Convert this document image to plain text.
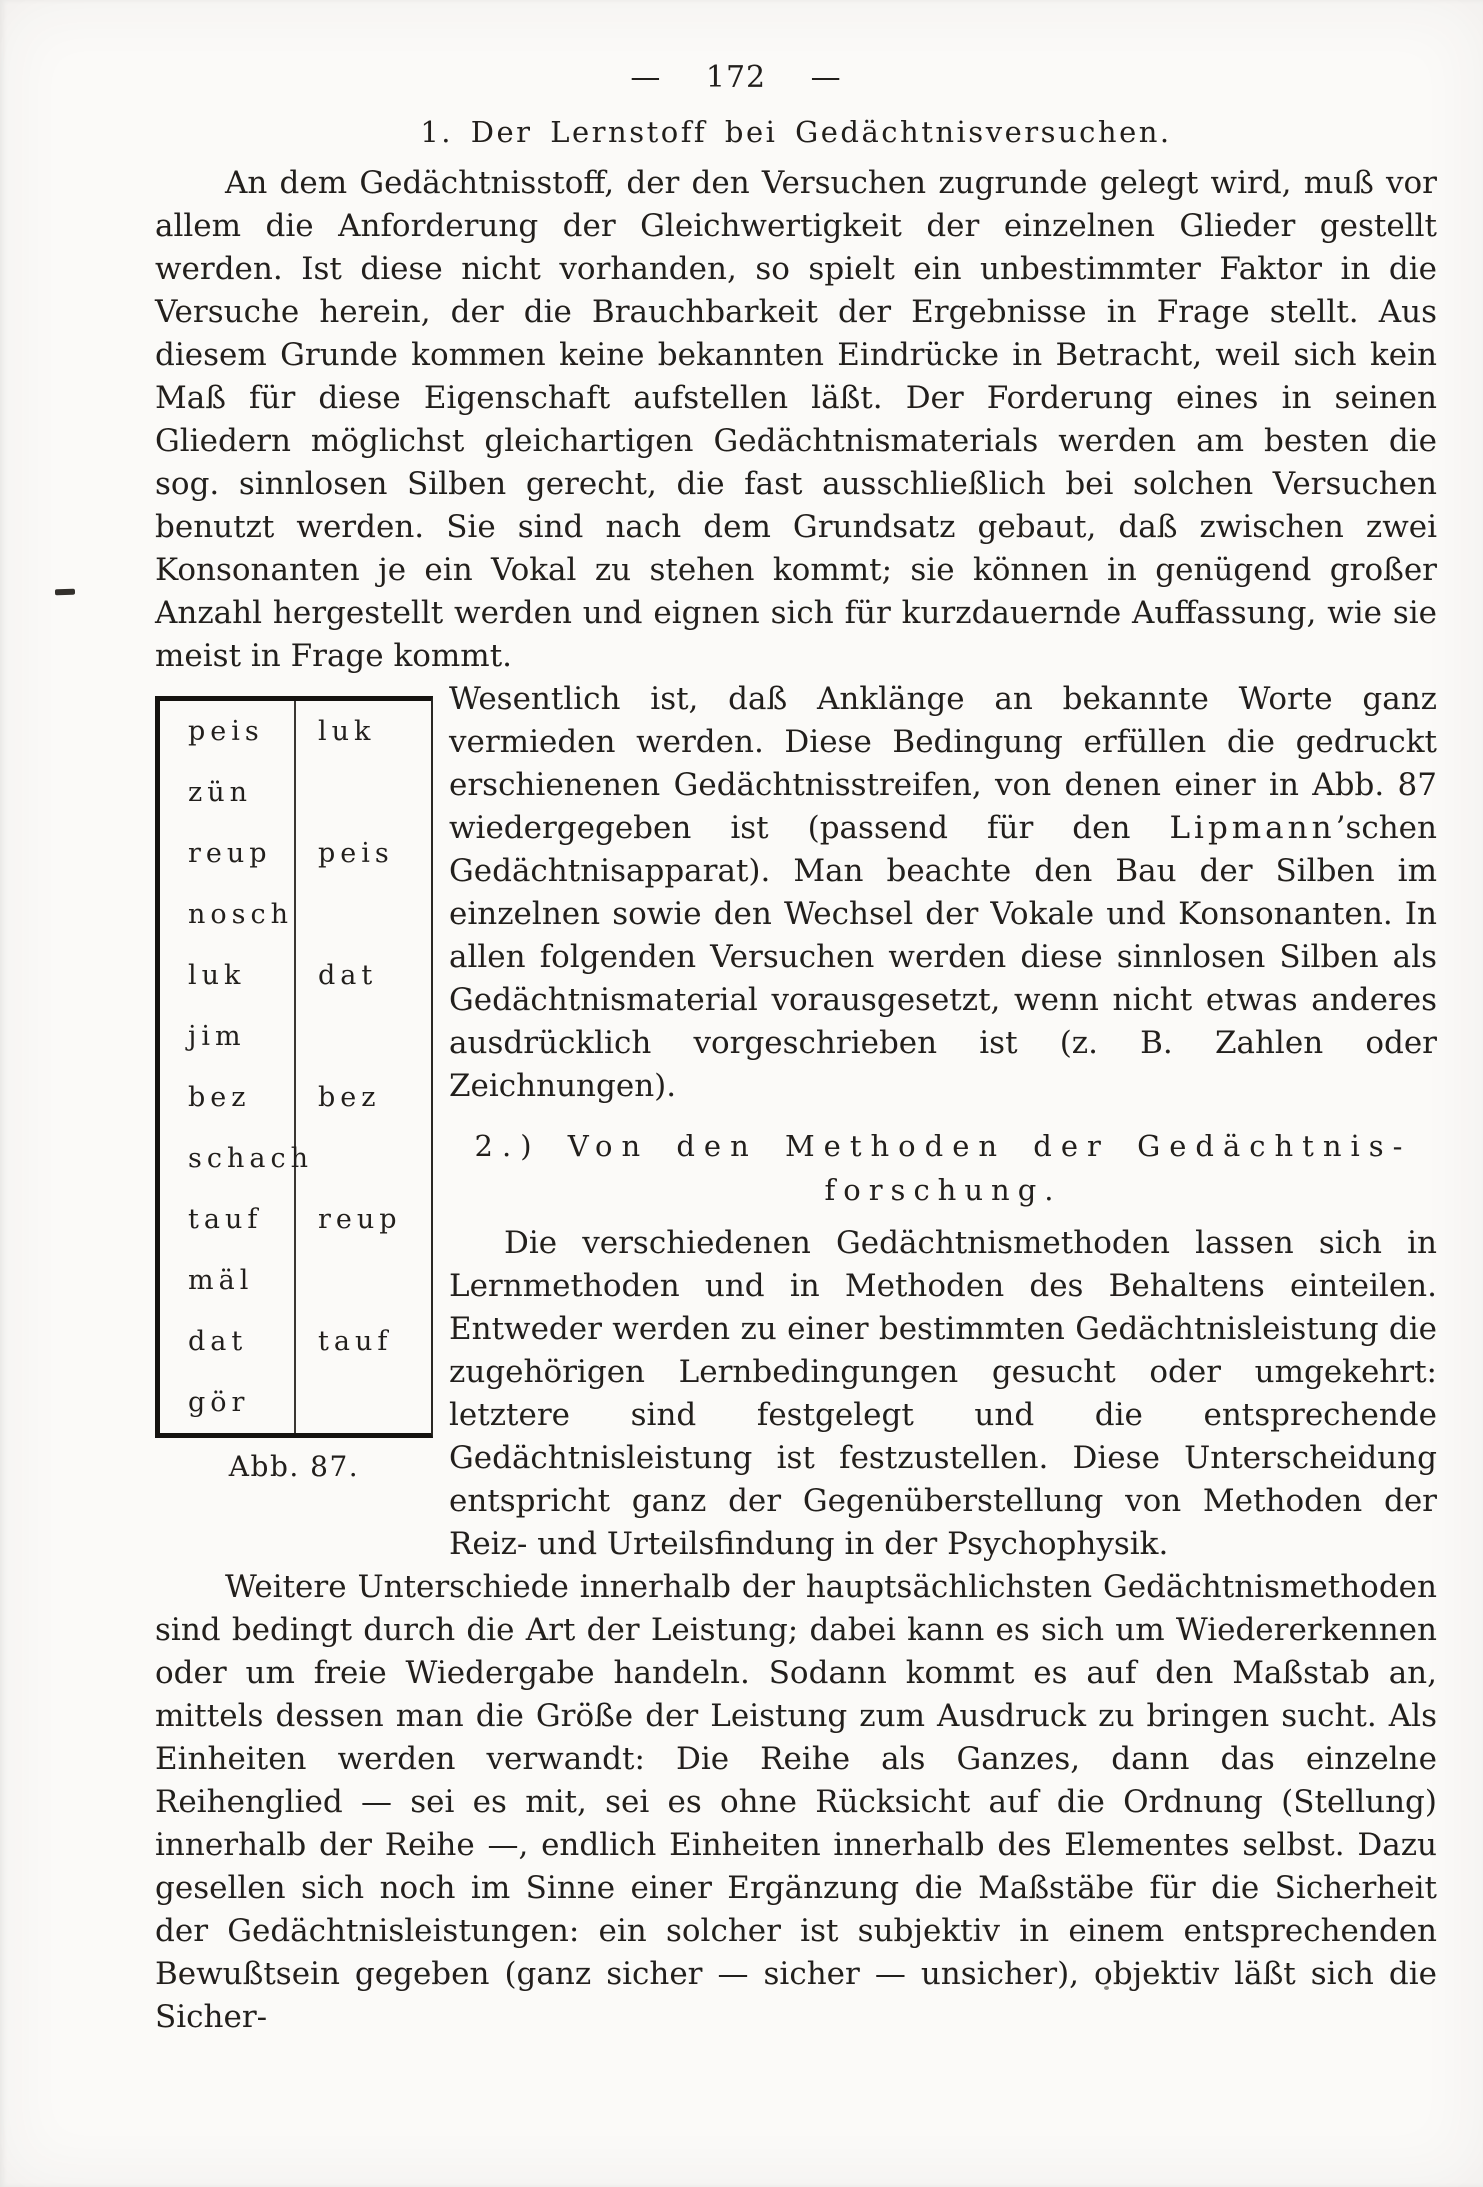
— 172 —
1. Der Lernstoff bei Gedächtnisversuchen.

An dem Gedächtnisstoff, der den Versuchen zugrunde gelegt wird, muß vor allem die Anforderung der Gleichwertigkeit der einzelnen Glieder gestellt werden. Ist diese nicht vorhanden, so spielt ein unbestimmter Faktor in die Versuche herein, der die Brauchbarkeit der Ergebnisse in Frage stellt. Aus diesem Grunde kommen keine bekannten Eindrücke in Betracht, weil sich kein Maß für diese Eigenschaft aufstellen läßt. Der Forderung eines in seinen Gliedern möglichst gleichartigen Gedächtnismaterials werden am besten die sog. sinnlosen Silben gerecht, die fast ausschließlich bei solchen Versuchen benutzt werden. Sie sind nach dem Grundsatz gebaut, daß zwischen zwei Konsonanten je ein Vokal zu stehen kommt; sie können in genügend großer Anzahl hergestellt werden und eignen sich für kurzdauernde Auffassung, wie sie meist in Frage kommt.

peis	luk
zün
reup	peis
nosch
luk	dat
jim
bez	bez
schach
tauf	reup
mäl
dat	tauf
gör
Abb. 87.

Wesentlich ist, daß Anklänge an bekannte Worte ganz vermieden werden. Diese Bedingung erfüllen die gedruckt erschienenen Gedächtnisstreifen, von denen einer in Abb. 87 wiedergegeben ist (passend für den Lipmann’schen Gedächtnisapparat). Man beachte den Bau der Silben im einzelnen sowie den Wechsel der Vokale und Konsonanten. In allen folgenden Versuchen werden diese sinnlosen Silben als Gedächtnismaterial vorausgesetzt, wenn nicht etwas anderes ausdrücklich vorgeschrieben ist (z. B. Zahlen oder Zeichnungen).

2.) Von den Methoden der Gedächtnis-
forschung.

Die verschiedenen Gedächtnismethoden lassen sich in Lernmethoden und in Methoden des Behaltens einteilen. Entweder werden zu einer bestimmten Gedächtnisleistung die zugehörigen Lernbedingungen gesucht oder umgekehrt: letztere sind festgelegt und die entsprechende Gedächtnisleistung ist festzustellen. Diese Unterscheidung entspricht ganz der Gegenüberstellung von Methoden der Reiz- und Urteilsfindung in der Psychophysik.

Weitere Unterschiede innerhalb der hauptsächlichsten Gedächtnismethoden sind bedingt durch die Art der Leistung; dabei kann es sich um Wiedererkennen oder um freie Wiedergabe handeln. Sodann kommt es auf den Maßstab an, mittels dessen man die Größe der Leistung zum Ausdruck zu bringen sucht. Als Einheiten werden verwandt: Die Reihe als Ganzes, dann das einzelne Reihenglied — sei es mit, sei es ohne Rücksicht auf die Ordnung (Stellung) innerhalb der Reihe —, endlich Einheiten innerhalb des Elementes selbst. Dazu gesellen sich noch im Sinne einer Ergänzung die Maßstäbe für die Sicherheit der Gedächtnisleistungen: ein solcher ist subjektiv in einem entsprechenden Bewußtsein gegeben (ganz sicher — sicher — unsicher), objektiv läßt sich die Sicher-
